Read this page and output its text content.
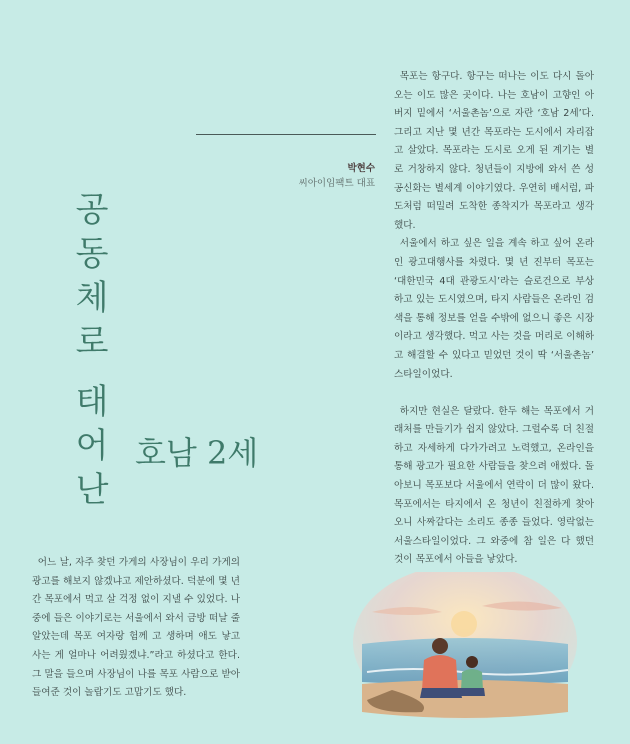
박현수
씨아이임팩트 대표
공
동
체
로
태
어
난
호남 2세

목포는 항구다. 항구는 떠나는 이도 다시 돌아오는 이도 많은 곳이다. 나는 호남이 고향인 아버지 밑에서 ‘서울촌놈’으로 자란 ‘호남 2세’다. 그리고 지난 몇 년간 목포라는 도시에서 자리잡고 살았다. 목포라는 도시로 오게 된 계기는 별로 거창하지 않다. 청년들이 지방에 와서 쓴 성공신화는 별세계 이야기였다. 우연히 배서럼, 파도처럼 떠밀려 도착한 종착지가 목포라고 생각했다.

서울에서 하고 싶은 일을 계속 하고 싶어 온라인 광고대행사를 차렸다. 몇 년 진부터 목포는 ‘대한민국 4대 관광도시’라는 슬로건으로 부상하고 있는 도시였으며, 타지 사람들은 온라인 검색을 통해 정보를 얻을 수밖에 없으니 좋은 시장이라고 생각했다. 먹고 사는 것을 머리로 이해하고 해결할 수 있다고 믿었던 것이 딱 ‘서울촌놈’ 스타일이었다.

하지만 현실은 달랐다. 한두 해는 목포에서 거래처를 만들기가 쉽지 않았다. 그럴수록 더 친절하고 자세하게 다가가려고 노력했고, 온라인을 통해 광고가 필요한 사람들을 찾으려 애썼다. 돌아보니 목포보다 서울에서 연락이 더 많이 왔다. 목포에서는 타지에서 온 청년이 친절하게 찾아오니 사짜같다는 소리도 종종 들었다. 영락없는 서울스타일이었다. 그 와중에 참 일은 다 했던 것이 목포에서 아들을 낳았다.

어느 날, 자주 찾던 가게의 사장님이 우리 가게의 광고를 해보지 않겠냐고 제안하셨다. 덕분에 몇 년간 목포에서 먹고 살 걱정 없이 지낼 수 있었다. 나중에 들은 이야기로는 서울에서 와서 금방 떠날 줄 알았는데 목포 여자랑 험께 고 생하며 애도 낳고 사는 게 얼마나 어려웠겠냐.”라고 하셨다고 한다. 그 말을 들으며 사장님이 나를 목포 사람으로 받아 들여준 것이 놀랍기도 고맙기도 했다.
